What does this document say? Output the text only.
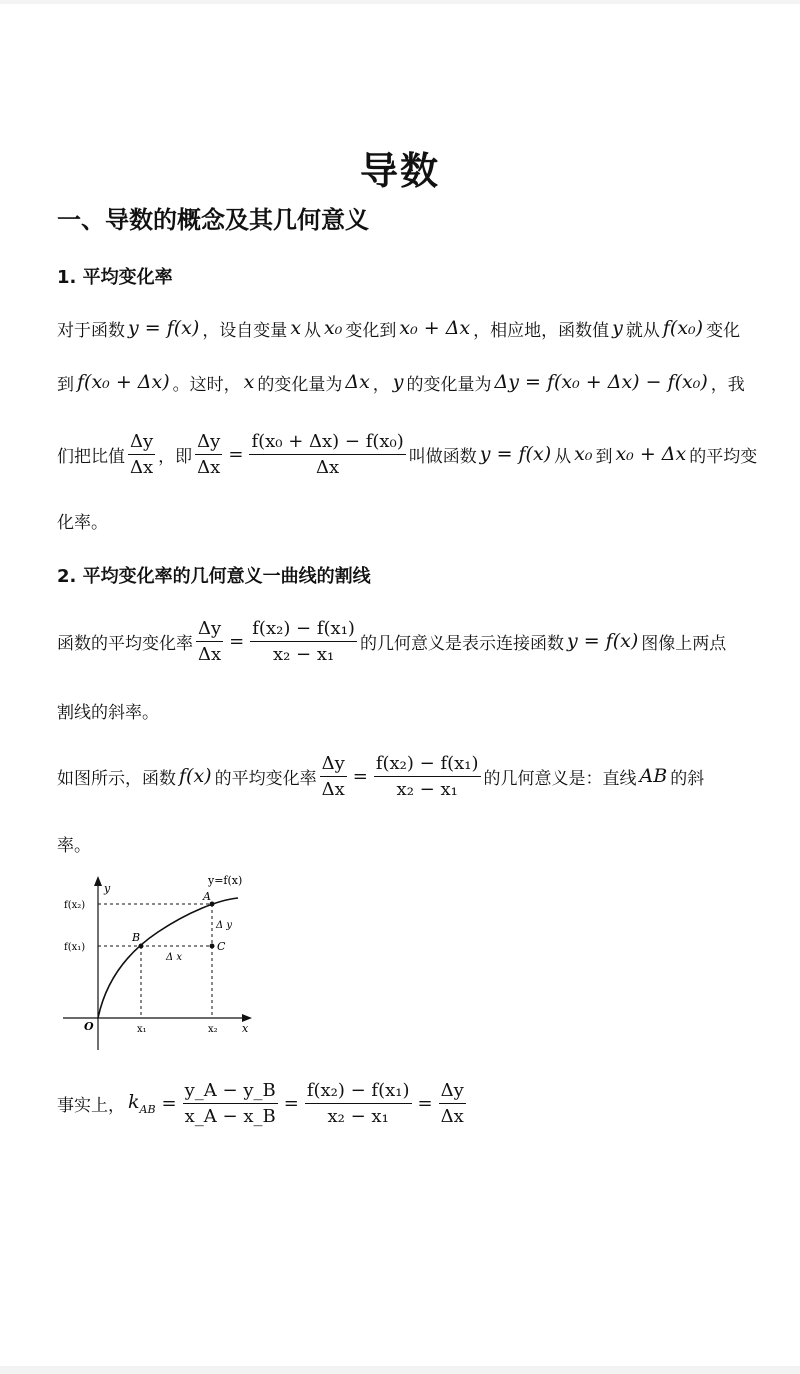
导数
一、导数的概念及其几何意义
1. 平均变化率
对于函数 y = f(x) ，设自变量 x 从 x₀ 变化到 x₀ + Δx ，相应地，函数值 y 就从 f(x₀) 变化
到 f(x₀ + Δx) 。这时， x 的变化量为 Δx ， y 的变化量为 Δy = f(x₀ + Δx) − f(x₀) ，我
们把比值 $\frac{\Delta y}{\Delta x}$ ，即 $\frac{\Delta y}{\Delta x} = \frac{\text{f(x₀ + Δx) − f(x₀)}}{\Delta x}$ 叫做函数 y = f(x) 从 x₀ 到 x₀ + Δx 的平均变
化率。
2. 平均变化率的几何意义一曲线的割线
函数的平均变化率 $\frac{\Delta y}{\Delta x} = \frac{\text{f(x₂) − f(x₁)}}{\text{x₂ − x₁}}$ 的几何意义是表示连接函数 y = f(x) 图像上两点
割线的斜率。
如图所示，函数 f(x) 的平均变化率 $\frac{\Delta y}{\Delta x} = \frac{\text{f(x₂) − f(x₁)}}{\text{x₂ − x₁}}$ 的几何意义是：直线 AB 的斜
率。
y=f(x)
y
x
O
A
B
C
f(x₂)
f(x₁)
x₁	x₂
Δ y
Δ x
事实上， $k_{AB} = \frac{y\_A - y\_B}{x\_A - x\_B} = \frac{\text{f(x₂) − f(x₁)}}{\text{x₂ − x₁}} = \frac{\Delta y}{\Delta x}$
